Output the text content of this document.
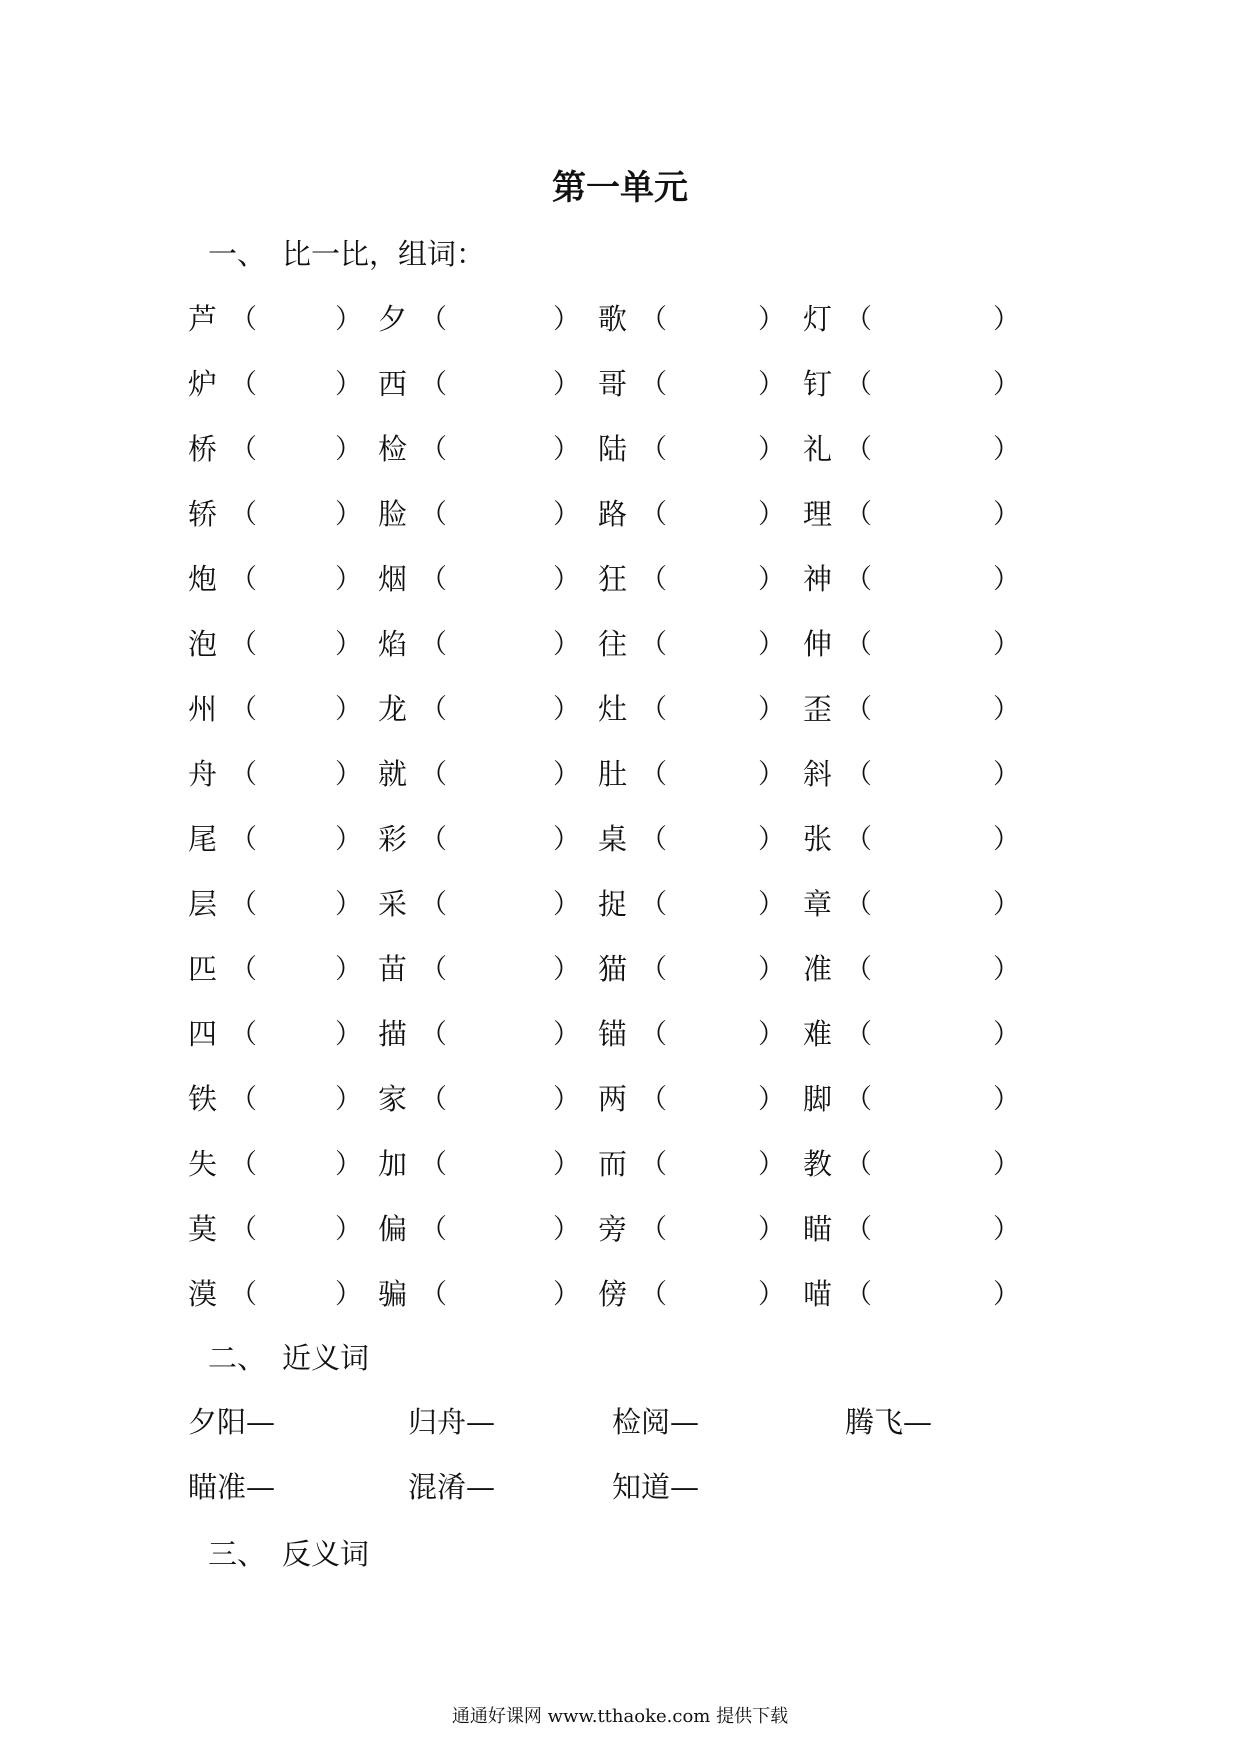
第一单元
一、 比一比，组词：
芦 （	） 夕 （	） 歌 （	） 灯 （	）
炉 （	） 西 （	） 哥 （	） 钉 （	）
桥 （	） 检 （	） 陆 （	） 礼 （	）
轿 （	） 脸 （	） 路 （	） 理 （	）
炮 （	） 烟 （	） 狂 （	） 神 （	）
泡 （	） 焰 （	） 往 （	） 伸 （	）
州 （	） 龙 （	） 灶 （	） 歪 （	）
舟 （	） 就 （	） 肚 （	） 斜 （	）
尾 （	） 彩 （	） 桌 （	） 张 （	）
层 （	） 采 （	） 捉 （	） 章 （	）
匹 （	） 苗 （	） 猫 （	） 准 （	）
四 （	） 描 （	） 锚 （	） 难 （	）
铁 （	） 家 （	） 两 （	） 脚 （	）
失 （	） 加 （	） 而 （	） 教 （	）
莫 （	） 偏 （	） 旁 （	） 瞄 （	）
漠 （	） 骗 （	） 傍 （	） 喵 （	）
二、 近义词
夕阳—	归舟—	检阅—	腾飞—
瞄准—	混淆—	知道—
三、 反义词
通通好课网 www.tthaoke.com 提供下载
